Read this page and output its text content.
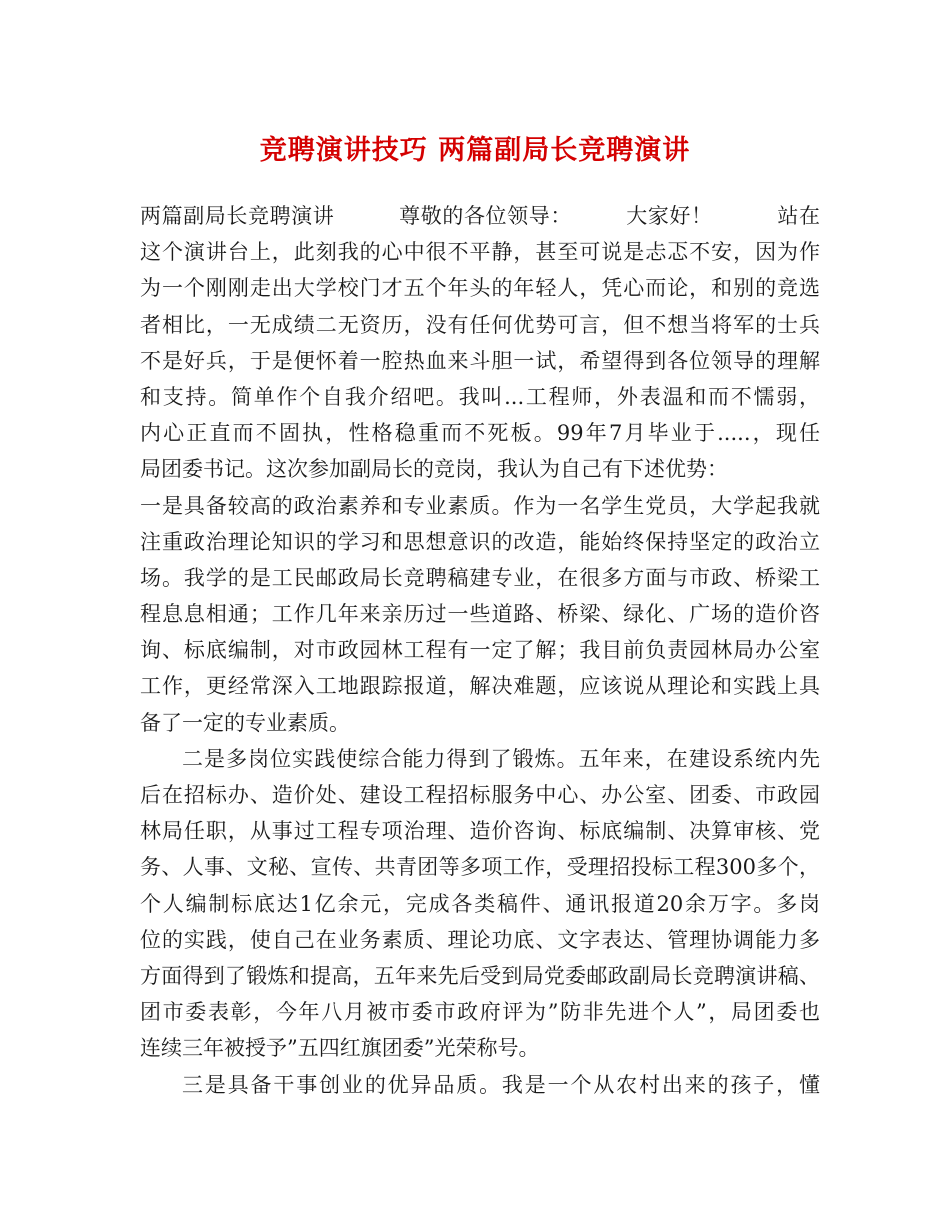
竞聘演讲技巧 两篇副局长竞聘演讲
两篇副局长竞聘演讲　　　尊敬的各位领导：　　　大家好！　　　站在
这个演讲台上，此刻我的心中很不平静，甚至可说是忐忑不安，因为作
为一个刚刚走出大学校门才五个年头的年轻人，凭心而论，和别的竞选
者相比，一无成绩二无资历，没有任何优势可言，但不想当将军的士兵
不是好兵，于是便怀着一腔热血来斗胆一试，希望得到各位领导的理解
和支持。简单作个自我介绍吧。我叫...工程师，外表温和而不懦弱，
内心正直而不固执，性格稳重而不死板。99年7月毕业于.....，现任
局团委书记。这次参加副局长的竞岗，我认为自己有下述优势：
一是具备较高的政治素养和专业素质。作为一名学生党员，大学起我就
注重政治理论知识的学习和思想意识的改造，能始终保持坚定的政治立
场。我学的是工民邮政局长竞聘稿建专业，在很多方面与市政、桥梁工
程息息相通；工作几年来亲历过一些道路、桥梁、绿化、广场的造价咨
询、标底编制，对市政园林工程有一定了解；我目前负责园林局办公室
工作，更经常深入工地跟踪报道，解决难题，应该说从理论和实践上具
备了一定的专业素质。
二是多岗位实践使综合能力得到了锻炼。五年来，在建设系统内先
后在招标办、造价处、建设工程招标服务中心、办公室、团委、市政园
林局任职，从事过工程专项治理、造价咨询、标底编制、决算审核、党
务、人事、文秘、宣传、共青团等多项工作，受理招投标工程300多个，
个人编制标底达1亿余元，完成各类稿件、通讯报道20余万字。多岗
位的实践，使自己在业务素质、理论功底、文字表达、管理协调能力多
方面得到了锻炼和提高，五年来先后受到局党委邮政副局长竞聘演讲稿、
团市委表彰，今年八月被市委市政府评为”防非先进个人”，局团委也
连续三年被授予”五四红旗团委”光荣称号。
三是具备干事创业的优异品质。我是一个从农村出来的孩子，懂
